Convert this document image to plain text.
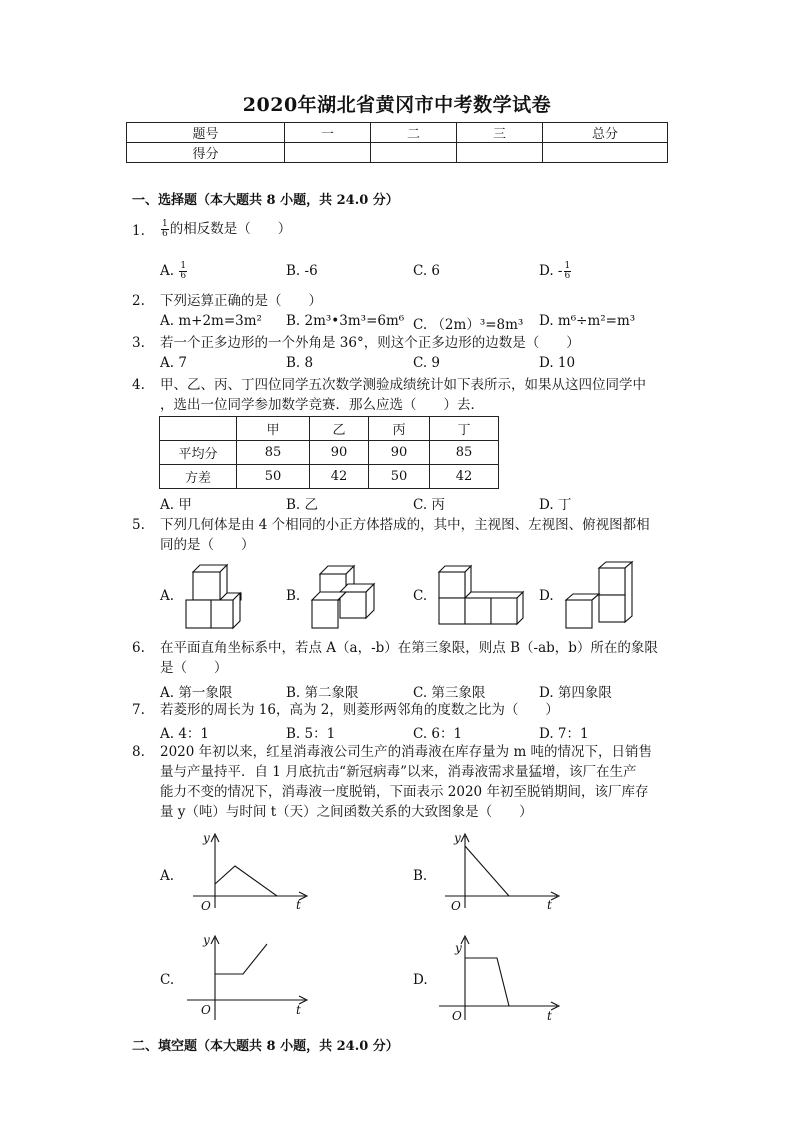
2020年湖北省黄冈市中考数学试卷
题号	一	二	三	总分
得分				
一、选择题（本大题共 8 小题，共 24.0 分）
1. $\frac{1}{6}$ 的相反数是（　　）
A. $\frac{1}{6}$	B. -6	C. 6	D. - $\frac{1}{6}$
2. 下列运算正确的是（　　）
A. m+2m=3m² B. 2m³•3m³=6m⁶ C. （2m）³=8m³ D. m⁶÷m²=m³
3. 若一个正多边形的一个外角是 36°，则这个正多边形的边数是（　　）
A. 7	B. 8	C. 9	D. 10
4. 甲、乙、丙、丁四位同学五次数学测验成绩统计如下表所示，如果从这四位同学中
，选出一位同学参加数学竞赛．那么应选（　　）去．
	甲	乙	丙	丁
平均分	85	90	90	85
方差	50	42	50	42
A. 甲	B. 乙	C. 丙	D. 丁
5. 下列几何体是由 4 个相同的小正方体搭成的，其中，主视图、左视图、俯视图都相
同的是（　　）
A.	B.	C.	D.
6. 在平面直角坐标系中，若点 A（a，-b）在第三象限，则点 B（-ab，b）所在的象限
是（　　）
A. 第一象限	B. 第二象限	C. 第三象限	D. 第四象限
7. 若菱形的周长为 16，高为 2，则菱形两邻角的度数之比为（　　）
A. 4：1	B. 5：1	C. 6：1	D. 7：1
8. 2020 年初以来，红星消毒液公司生产的消毒液在库存量为 m 吨的情况下，日销售
量与产量持平．自 1 月底抗击“新冠病毒”以来，消毒液需求量猛增，该厂在生产
能力不变的情况下，消毒液一度脱销，下面表示 2020 年初至脱销期间，该厂库存
量 y（吨）与时间 t（天）之间函数关系的大致图象是（　　）
A.	B.
C.	D.
y
O	t
y
O	t
y
O	t
y
O	t
二、填空题（本大题共 8 小题，共 24.0 分）
